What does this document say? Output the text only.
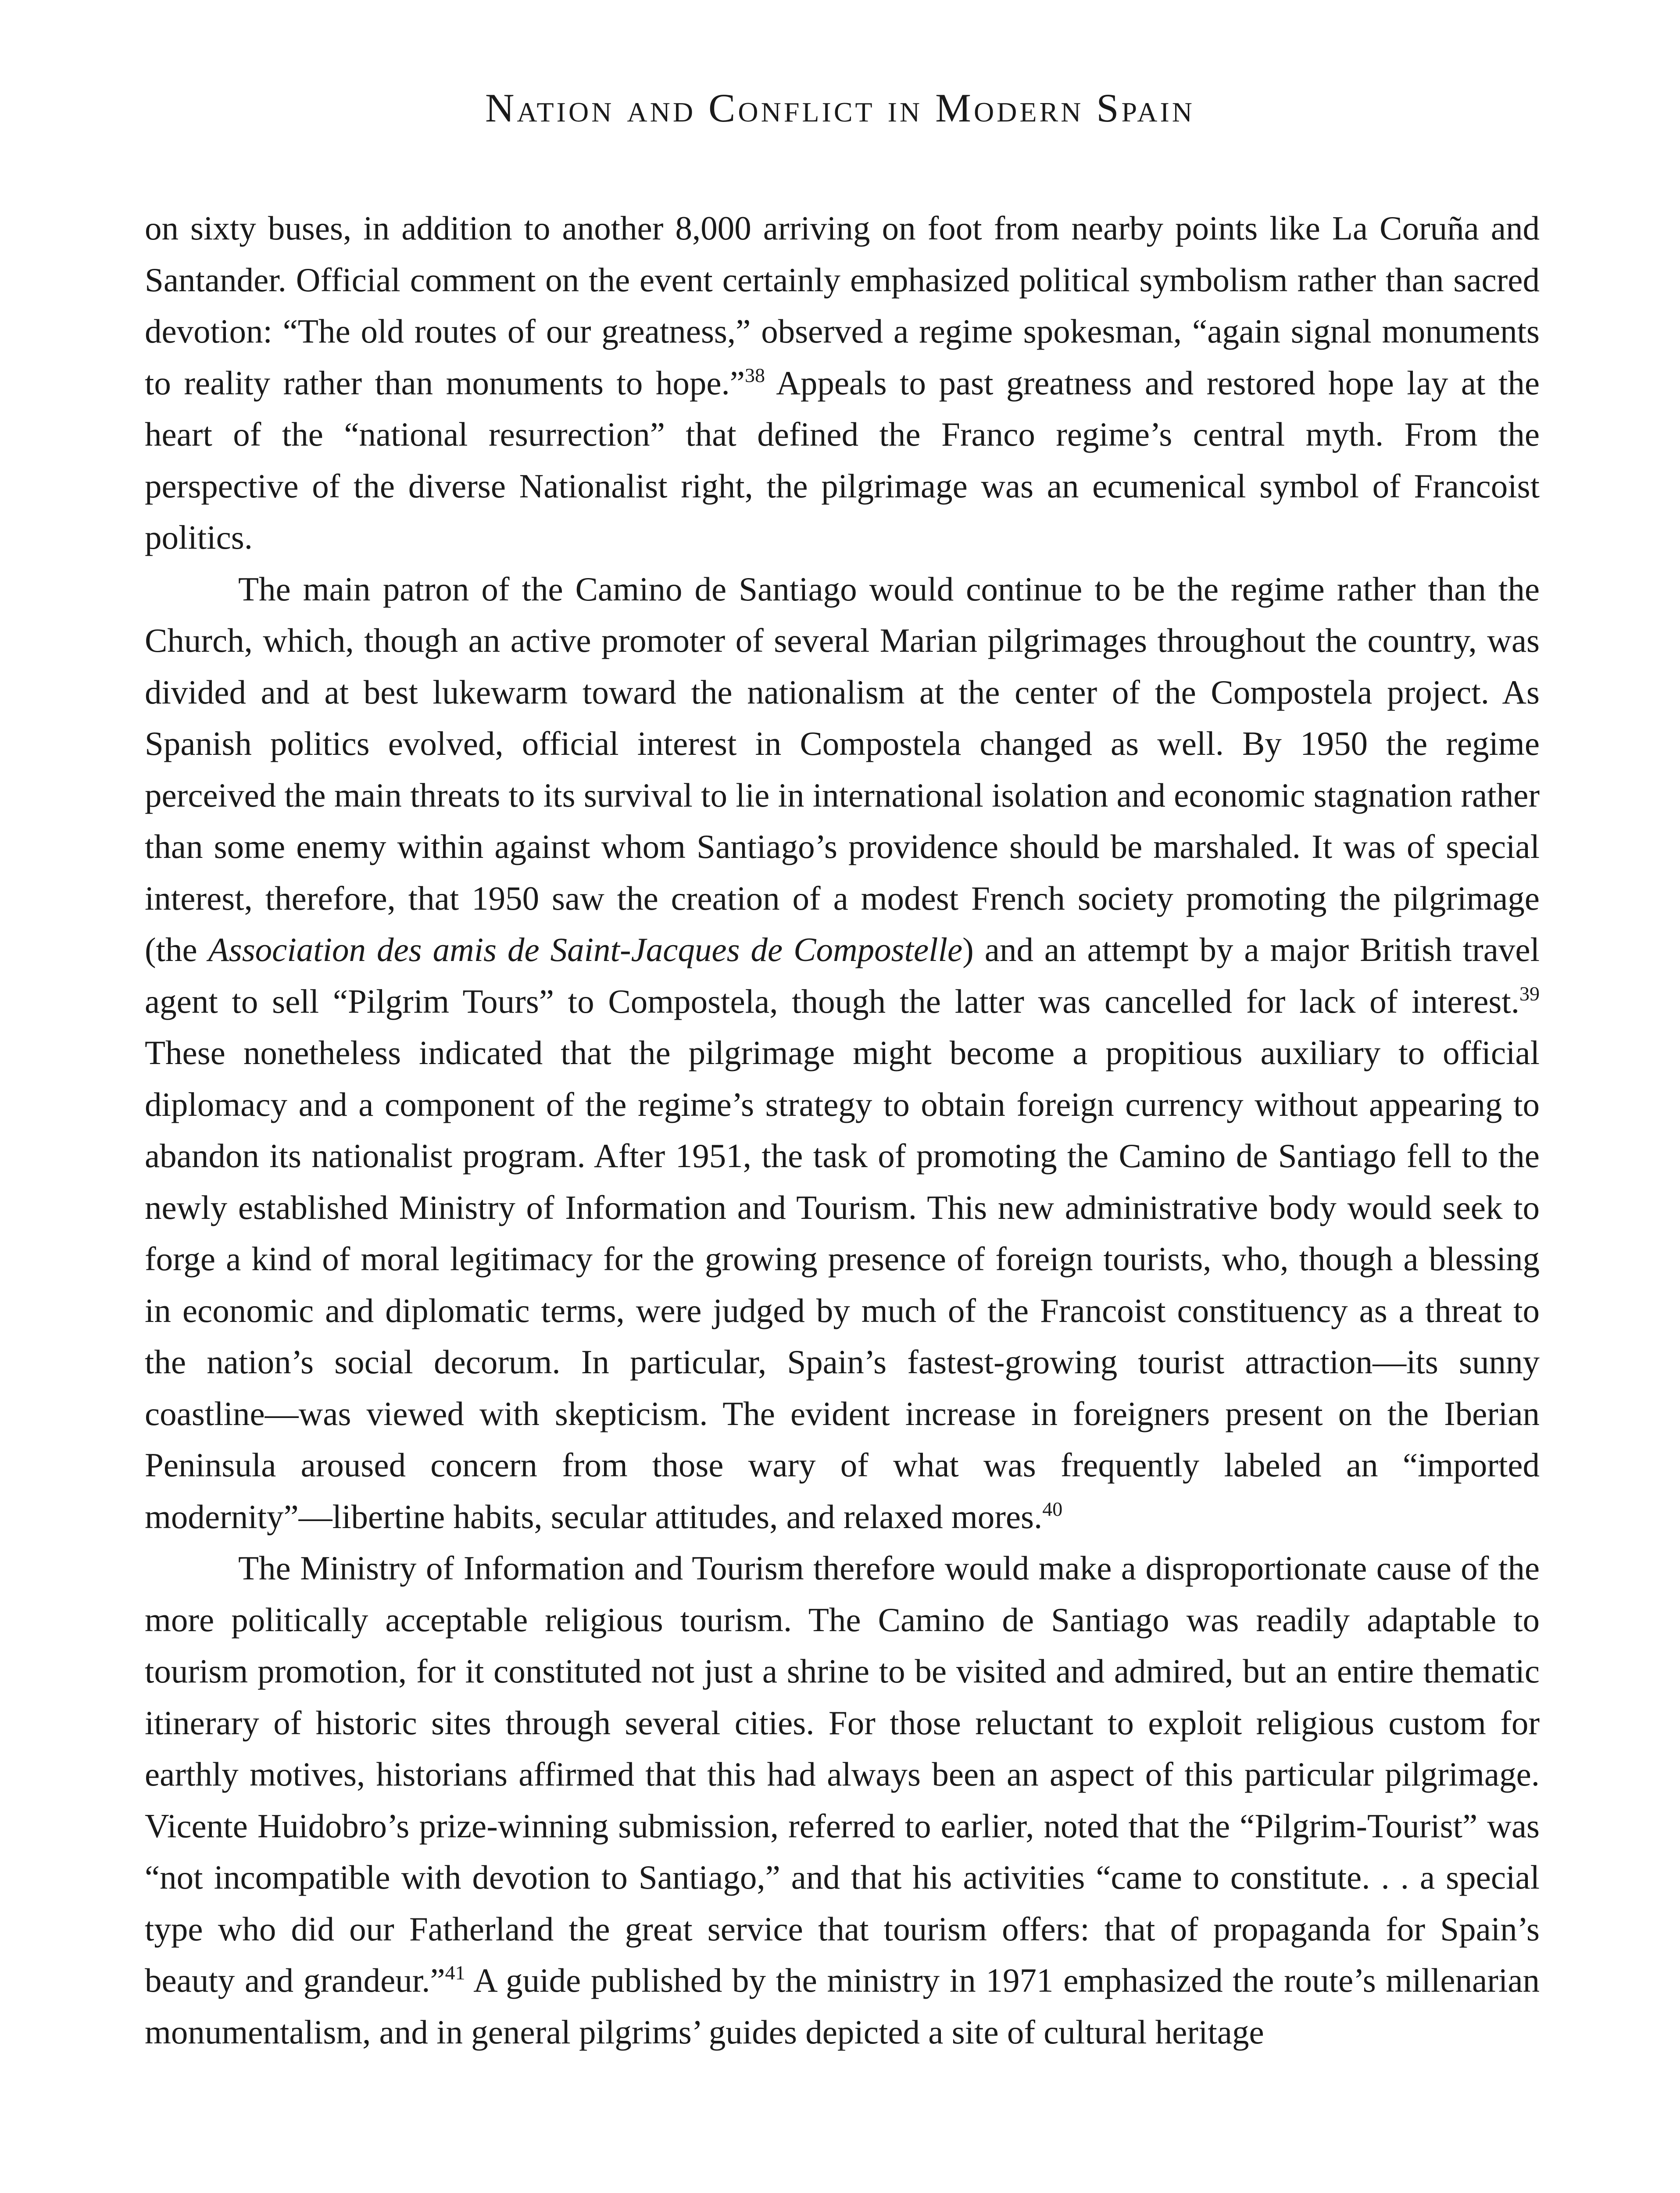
Nation and Conflict in Modern Spain

on sixty buses, in addition to another 8,000 arriving on foot from nearby points like La Coruña and Santander. Official comment on the event certainly emphasized political symbolism rather than sacred devotion: “The old routes of our greatness,” observed a regime spokesman, “again signal monuments to reality rather than monuments to hope.”$^{38}$ Appeals to past greatness and restored hope lay at the heart of the “national resurrection” that defined the Franco regime’s central myth. From the perspective of the diverse Nationalist right, the pilgrimage was an ecumenical symbol of Francoist politics.

The main patron of the Camino de Santiago would continue to be the regime rather than the Church, which, though an active promoter of several Marian pilgrimages throughout the country, was divided and at best lukewarm toward the nationalism at the center of the Compostela project. As Spanish politics evolved, official interest in Compostela changed as well. By 1950 the regime perceived the main threats to its survival to lie in international isolation and economic stagnation rather than some enemy within against whom Santiago’s providence should be marshaled. It was of special interest, therefore, that 1950 saw the creation of a modest French society promoting the pilgrimage (the Association des amis de Saint-Jacques de Compostelle) and an attempt by a major British travel agent to sell “Pilgrim Tours” to Compostela, though the latter was cancelled for lack of interest.$^{39}$ These nonetheless indicated that the pilgrimage might become a propitious auxiliary to official diplomacy and a component of the regime’s strategy to obtain foreign currency without appearing to abandon its nationalist program. After 1951, the task of promoting the Camino de Santiago fell to the newly established Ministry of Information and Tourism. This new administrative body would seek to forge a kind of moral legitimacy for the growing presence of foreign tourists, who, though a blessing in economic and diplomatic terms, were judged by much of the Francoist constituency as a threat to the nation’s social decorum. In particular, Spain’s fastest-growing tourist attraction—its sunny coastline—was viewed with skepticism. The evident increase in foreigners present on the Iberian Peninsula aroused concern from those wary of what was frequently labeled an “imported modernity”—libertine habits, secular attitudes, and relaxed mores.$^{40}$

The Ministry of Information and Tourism therefore would make a disproportionate cause of the more politically acceptable religious tourism. The Camino de Santiago was readily adaptable to tourism promotion, for it constituted not just a shrine to be visited and admired, but an entire thematic itinerary of historic sites through several cities. For those reluctant to exploit religious custom for earthly motives, historians affirmed that this had always been an aspect of this particular pilgrimage. Vicente Huidobro’s prize-winning submission, referred to earlier, noted that the “Pilgrim-Tourist” was “not incompatible with devotion to Santiago,” and that his activities “came to constitute. . . a special type who did our Fatherland the great service that tourism offers: that of propaganda for Spain’s beauty and grandeur.”$^{41}$ A guide published by the ministry in 1971 emphasized the route’s millenarian monumentalism, and in general pilgrims’ guides depicted a site of cultural heritage
